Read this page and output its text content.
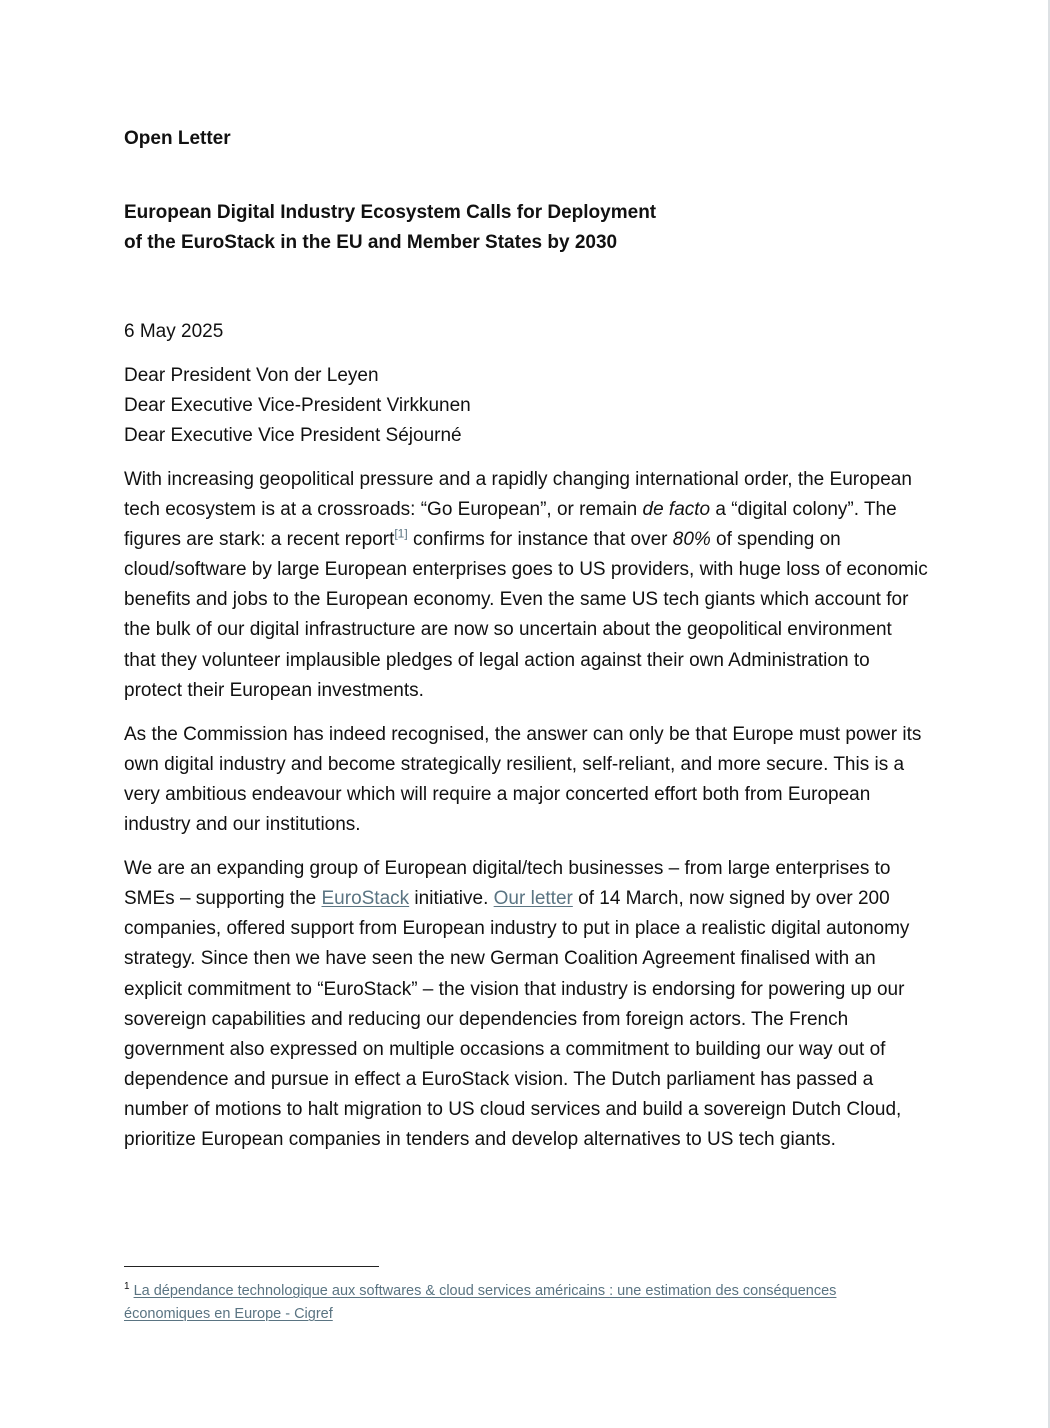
Open Letter
European Digital Industry Ecosystem Calls for Deployment
of the EuroStack in the EU and Member States by 2030
6 May 2025
Dear President Von der Leyen
Dear Executive Vice-President Virkkunen
Dear Executive Vice President Séjourné

With increasing geopolitical pressure and a rapidly changing international order, the European tech ecosystem is at a crossroads: “Go European”, or remain de facto a “digital colony”. The figures are stark: a recent report[1] confirms for instance that over 80% of spending on cloud/software by large European enterprises goes to US providers, with huge loss of economic benefits and jobs to the European economy. Even the same US tech giants which account for the bulk of our digital infrastructure are now so uncertain about the geopolitical environment that they volunteer implausible pledges of legal action against their own Administration to protect their European investments.

As the Commission has indeed recognised, the answer can only be that Europe must power its own digital industry and become strategically resilient, self-reliant, and more secure. This is a very ambitious endeavour which will require a major concerted effort both from European industry and our institutions.

We are an expanding group of European digital/tech businesses – from large enterprises to SMEs – supporting the EuroStack initiative. Our letter of 14 March, now signed by over 200 companies, offered support from European industry to put in place a realistic digital autonomy strategy. Since then we have seen the new German Coalition Agreement finalised with an explicit commitment to “EuroStack” – the vision that industry is endorsing for powering up our sovereign capabilities and reducing our dependencies from foreign actors. The French government also expressed on multiple occasions a commitment to building our way out of dependence and pursue in effect a EuroStack vision. The Dutch parliament has passed a number of motions to halt migration to US cloud services and build a sovereign Dutch Cloud, prioritize European companies in tenders and develop alternatives to US tech giants.

$^1$ La dépendance technologique aux softwares & cloud services américains : une estimation des conséquences économiques en Europe - Cigref
